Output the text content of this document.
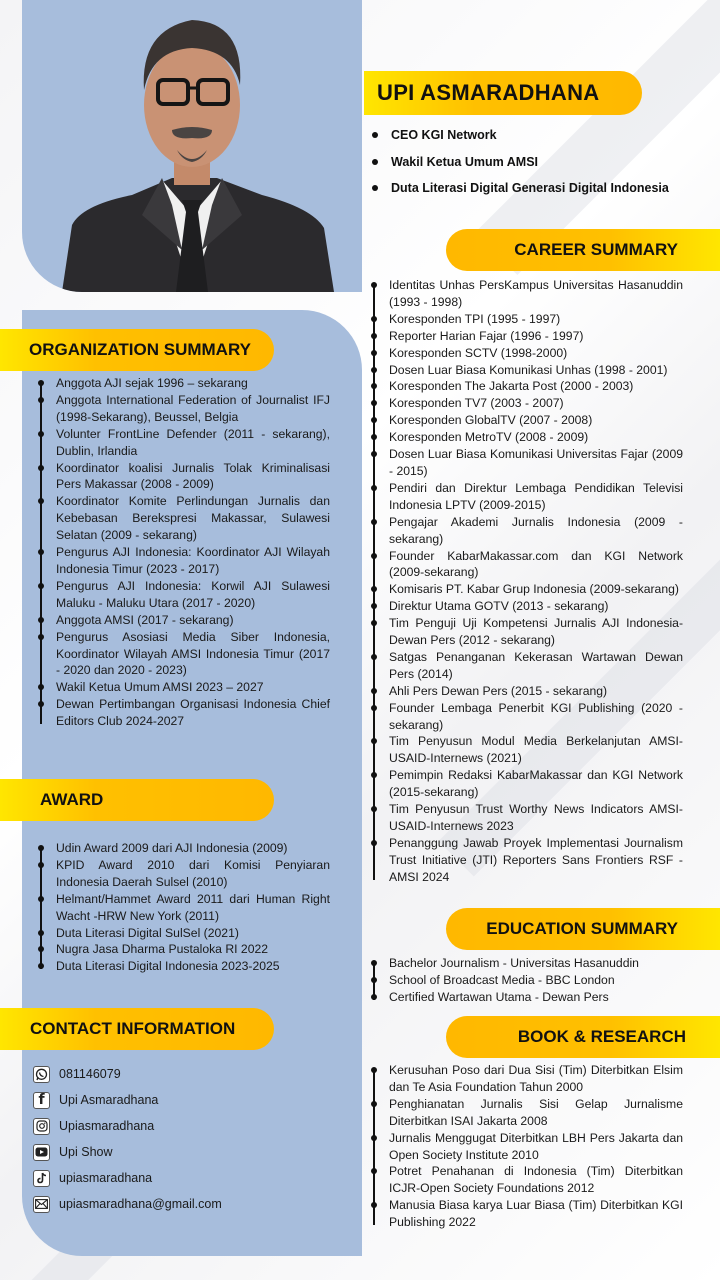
UPI ASMARADHANA
CEO KGI Network
Wakil Ketua Umum AMSI
Duta Literasi Digital Generasi Digital Indonesia
ORGANIZATION SUMMARY
Anggota AJI sejak 1996 – sekarang
Anggota International Federation of Journalist IFJ (1998-Sekarang), Beussel, Belgia
Volunter FrontLine Defender (2011 - sekarang), Dublin, Irlandia
Koordinator koalisi Jurnalis Tolak Kriminalisasi Pers Makassar (2008 - 2009)
Koordinator Komite Perlindungan Jurnalis dan Kebebasan Berekspresi Makassar, Sulawesi Selatan (2009 - sekarang)
Pengurus AJI Indonesia: Koordinator AJI Wilayah Indonesia Timur (2023 - 2017)
Pengurus AJI Indonesia: Korwil AJI Sulawesi Maluku - Maluku Utara (2017 - 2020)
Anggota AMSI (2017 - sekarang)
Pengurus Asosiasi Media Siber Indonesia, Koordinator Wilayah AMSI Indonesia Timur (2017 - 2020 dan 2020 - 2023)
Wakil Ketua Umum AMSI 2023 – 2027
Dewan Pertimbangan Organisasi Indonesia Chief Editors Club 2024-2027
AWARD
Udin Award 2009 dari AJI Indonesia (2009)
KPID Award 2010 dari Komisi Penyiaran Indonesia Daerah Sulsel (2010)
Helmant/Hammet Award 2011 dari Human Right Wacht -HRW New York (2011)
Duta Literasi Digital SulSel (2021)
Nugra Jasa Dharma Pustaloka RI 2022
Duta Literasi Digital Indonesia 2023-2025
CONTACT INFORMATION
081146079
f	Upi Asmaradhana
Upiasmaradhana
Upi Show
upiasmaradhana
upiasmaradhana@gmail.com
CAREER SUMMARY
Identitas Unhas PersKampus Universitas Hasanuddin (1993 - 1998)
Koresponden TPI (1995 - 1997)
Reporter Harian Fajar (1996 - 1997)
Koresponden SCTV (1998-2000)
Dosen Luar Biasa Komunikasi Unhas (1998 - 2001)
Koresponden The Jakarta Post (2000 - 2003)
Koresponden TV7 (2003 - 2007)
Koresponden GlobalTV (2007 - 2008)
Koresponden MetroTV (2008 - 2009)
Dosen Luar Biasa Komunikasi Universitas Fajar (2009 - 2015)
Pendiri dan Direktur Lembaga Pendidikan Televisi Indonesia LPTV (2009-2015)
Pengajar Akademi Jurnalis Indonesia (2009 - sekarang)
Founder KabarMakassar.com dan KGI Network (2009-sekarang)
Komisaris PT. Kabar Grup Indonesia (2009-sekarang)
Direktur Utama GOTV (2013 - sekarang)
Tim Penguji Uji Kompetensi Jurnalis AJI Indonesia-Dewan Pers (2012 - sekarang)
Satgas Penanganan Kekerasan Wartawan Dewan Pers (2014)
Ahli Pers Dewan Pers (2015 - sekarang)
Founder Lembaga Penerbit KGI Publishing (2020 - sekarang)
Tim Penyusun Modul Media Berkelanjutan AMSI-USAID-Internews (2021)
Pemimpin Redaksi KabarMakassar dan KGI Network (2015-sekarang)
Tim Penyusun Trust Worthy News Indicators AMSI-USAID-Internews 2023
Penanggung Jawab Proyek Implementasi Journalism Trust Initiative (JTI) Reporters Sans Frontiers RSF - AMSI 2024
EDUCATION SUMMARY
Bachelor Journalism - Universitas Hasanuddin
School of Broadcast Media - BBC London
Certified Wartawan Utama - Dewan Pers
BOOK & RESEARCH
Kerusuhan Poso dari Dua Sisi (Tim) Diterbitkan Elsim dan Te Asia Foundation Tahun 2000
Penghianatan Jurnalis Sisi Gelap Jurnalisme Diterbitkan ISAI Jakarta 2008
Jurnalis Menggugat Diterbitkan LBH Pers Jakarta dan Open Society Institute 2010
Potret Penahanan di Indonesia (Tim) Diterbitkan ICJR-Open Society Foundations 2012
Manusia Biasa karya Luar Biasa (Tim) Diterbitkan KGI Publishing 2022
